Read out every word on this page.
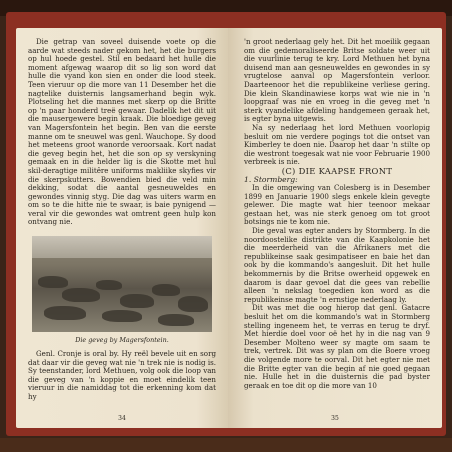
Die getrap van soveel duisende voete op die aarde wat steeds nader gekom het, het die burgers op hul hoede gestel. Stil en bedaard het hulle die moment afgewag waarop dit so lig son word dat hulle die vyand kon sien en onder die lood steek. Teen vieruur op die more van 11 Desember het die nagtelike duisternis langsamerhand begin wyk. Plotseling het die mannes met skerp op die Britte op 'n paar honderd treë gewaar. Dadelik het dit uit die mausergewere begin kraak. Die bloedige geveg van Magersfontein het begin. Ben van die eerste manne om te sneuwel was genl. Wauchope. Sy dood het meteens groot wanorde veroorsaak. Kort nadat die geveg begin het, het die son op sy verskyning gemaak en in die helder lig is die Skotte met hul skil-deragtige militêre uniforms makliike skyfies vir die skerpskutters. Bowendien bied die veld min dekking, sodat die aantal gesneuweldes en gewondes vinnig styg. Die dag was uiters warm en om so te die hitte nie te swaar, is baie pynigend — veral vir die gewondes wat omtrent geen hulp kon ontvang nie.

Die geveg by Magersfontein.

Genl. Cronje is oral by. Hy reël bevele uit en sorg dat daar vir die geveg wat nie 'n trek nie is nodig is. Sy teenstander, lord Methuen, volg ook die loop van die geveg van 'n koppie en moet eindelik teen vieruur in die namiddag tot die erkenning kom dat hy

34

'n groot nederlaag gely het. Dit het moeilik gegaan om die gedemoraliseerde Britse soldate weer uit die vuurlinie terug te kry. Lord Methuen het byna duisend man aan gesneuweldes en gewondes in sy vrugtelose aanval op Magersfontein verloor. Daarteenoor het die republikeine verliese gering. Die klein Skandinawiese korps wat wie nie in 'n loopgraaf was nie en vroeg in die geveg met 'n sterk vyandelike afdeling handgemeen geraak het, is egter byna uitgewis.

Na sy nederlaag het lord Methuen voorlopig besluit om nie verdere pogings tot die ontset van Kimberley te doen nie. Daarop het daar 'n stilte op die westront toegesak wat nie voor Februarie 1900 verbreek is nie.

(C) DIE KAAPSE FRONT

1. Stormberg:

In die omgewing van Colesberg is in Desember 1899 en Januarie 1900 slegs enkele klein gevegte gelewer. Die magte wat hier teenoor mekaar gestaan het, was nie sterk genoeg om tot groot botsings nie te kom nie.

Die geval was egter anders by Stormberg. In die noordoostelike distrikte van die Kaapkolonie het die meerderheid van die Afrikaners met die republikeinse saak gesimpatiseer en baie het dan ook by die kommando's aangesluit. Dit het hulle bekommernis by die Britse owerheid opgewek en daarom is daar gevoel dat die gees van rebellie alleen 'n nekslag toegedien kon word as die republikeinse magte 'n ernstige nederlaag ly.

Dit was met die oog hierop dat genl. Gatacre besluit het om die kommando's wat in Stormberg stelling ingeneem het, te verras en terug te dryf. Met hierdie doel voor oë het hy in die nag van 9 Desember Molteno weer sy magte om saam te trek, vertrek. Dit was sy plan om die Boere vroeg die volgende more te oorval. Dit het egter nie met die Britte egter van die begin af nie goed gegaan nie. Hulle het in die duisternis die pad byster geraak en toe dit op die more van 10

35
